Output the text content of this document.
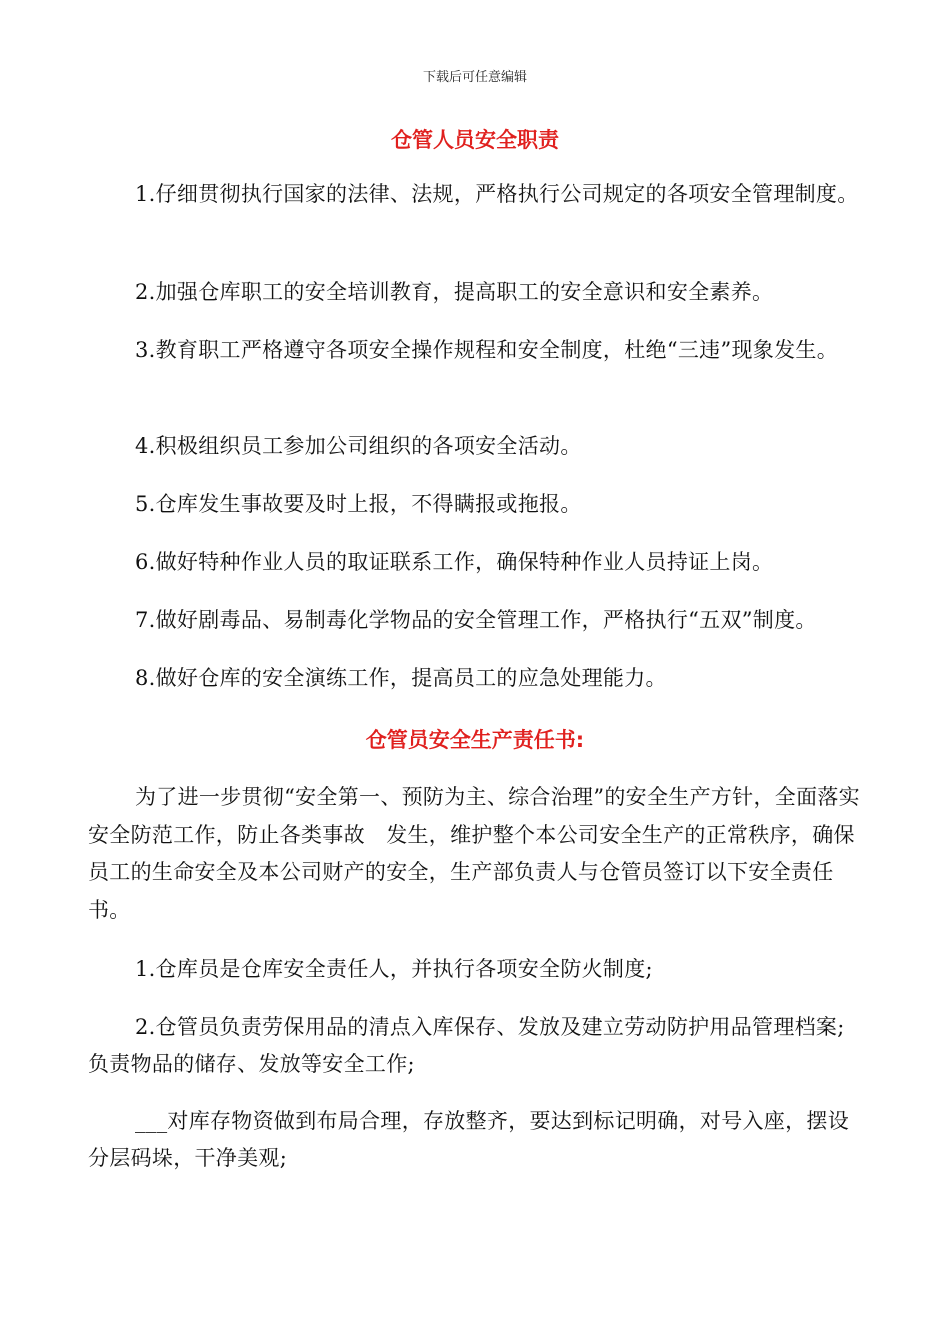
下载后可任意编辑
仓管人员安全职责
1.仔细贯彻执行国家的法律、法规，严格执行公司规定的各项安全管理制度。
2.加强仓库职工的安全培训教育，提高职工的安全意识和安全素养。
3.教育职工严格遵守各项安全操作规程和安全制度，杜绝“三违”现象发生。
4.积极组织员工参加公司组织的各项安全活动。
5.仓库发生事故要及时上报，不得瞒报或拖报。
6.做好特种作业人员的取证联系工作，确保特种作业人员持证上岗。
7.做好剧毒品、易制毒化学物品的安全管理工作，严格执行“五双”制度。
8.做好仓库的安全演练工作，提高员工的应急处理能力。
仓管员安全生产责任书:
为了进一步贯彻“安全第一、预防为主、综合治理”的安全生产方针，全面落实安全防范工作，防止各类事故　发生，维护整个本公司安全生产的正常秩序，确保员工的生命安全及本公司财产的安全，生产部负责人与仓管员签订以下安全责任书。
1.仓库员是仓库安全责任人，并执行各项安全防火制度;
2.仓管员负责劳保用品的清点入库保存、发放及建立劳动防护用品管理档案;负责物品的储存、发放等安全工作;
___对库存物资做到布局合理，存放整齐，要达到标记明确，对号入座，摆设分层码垛，干净美观;
